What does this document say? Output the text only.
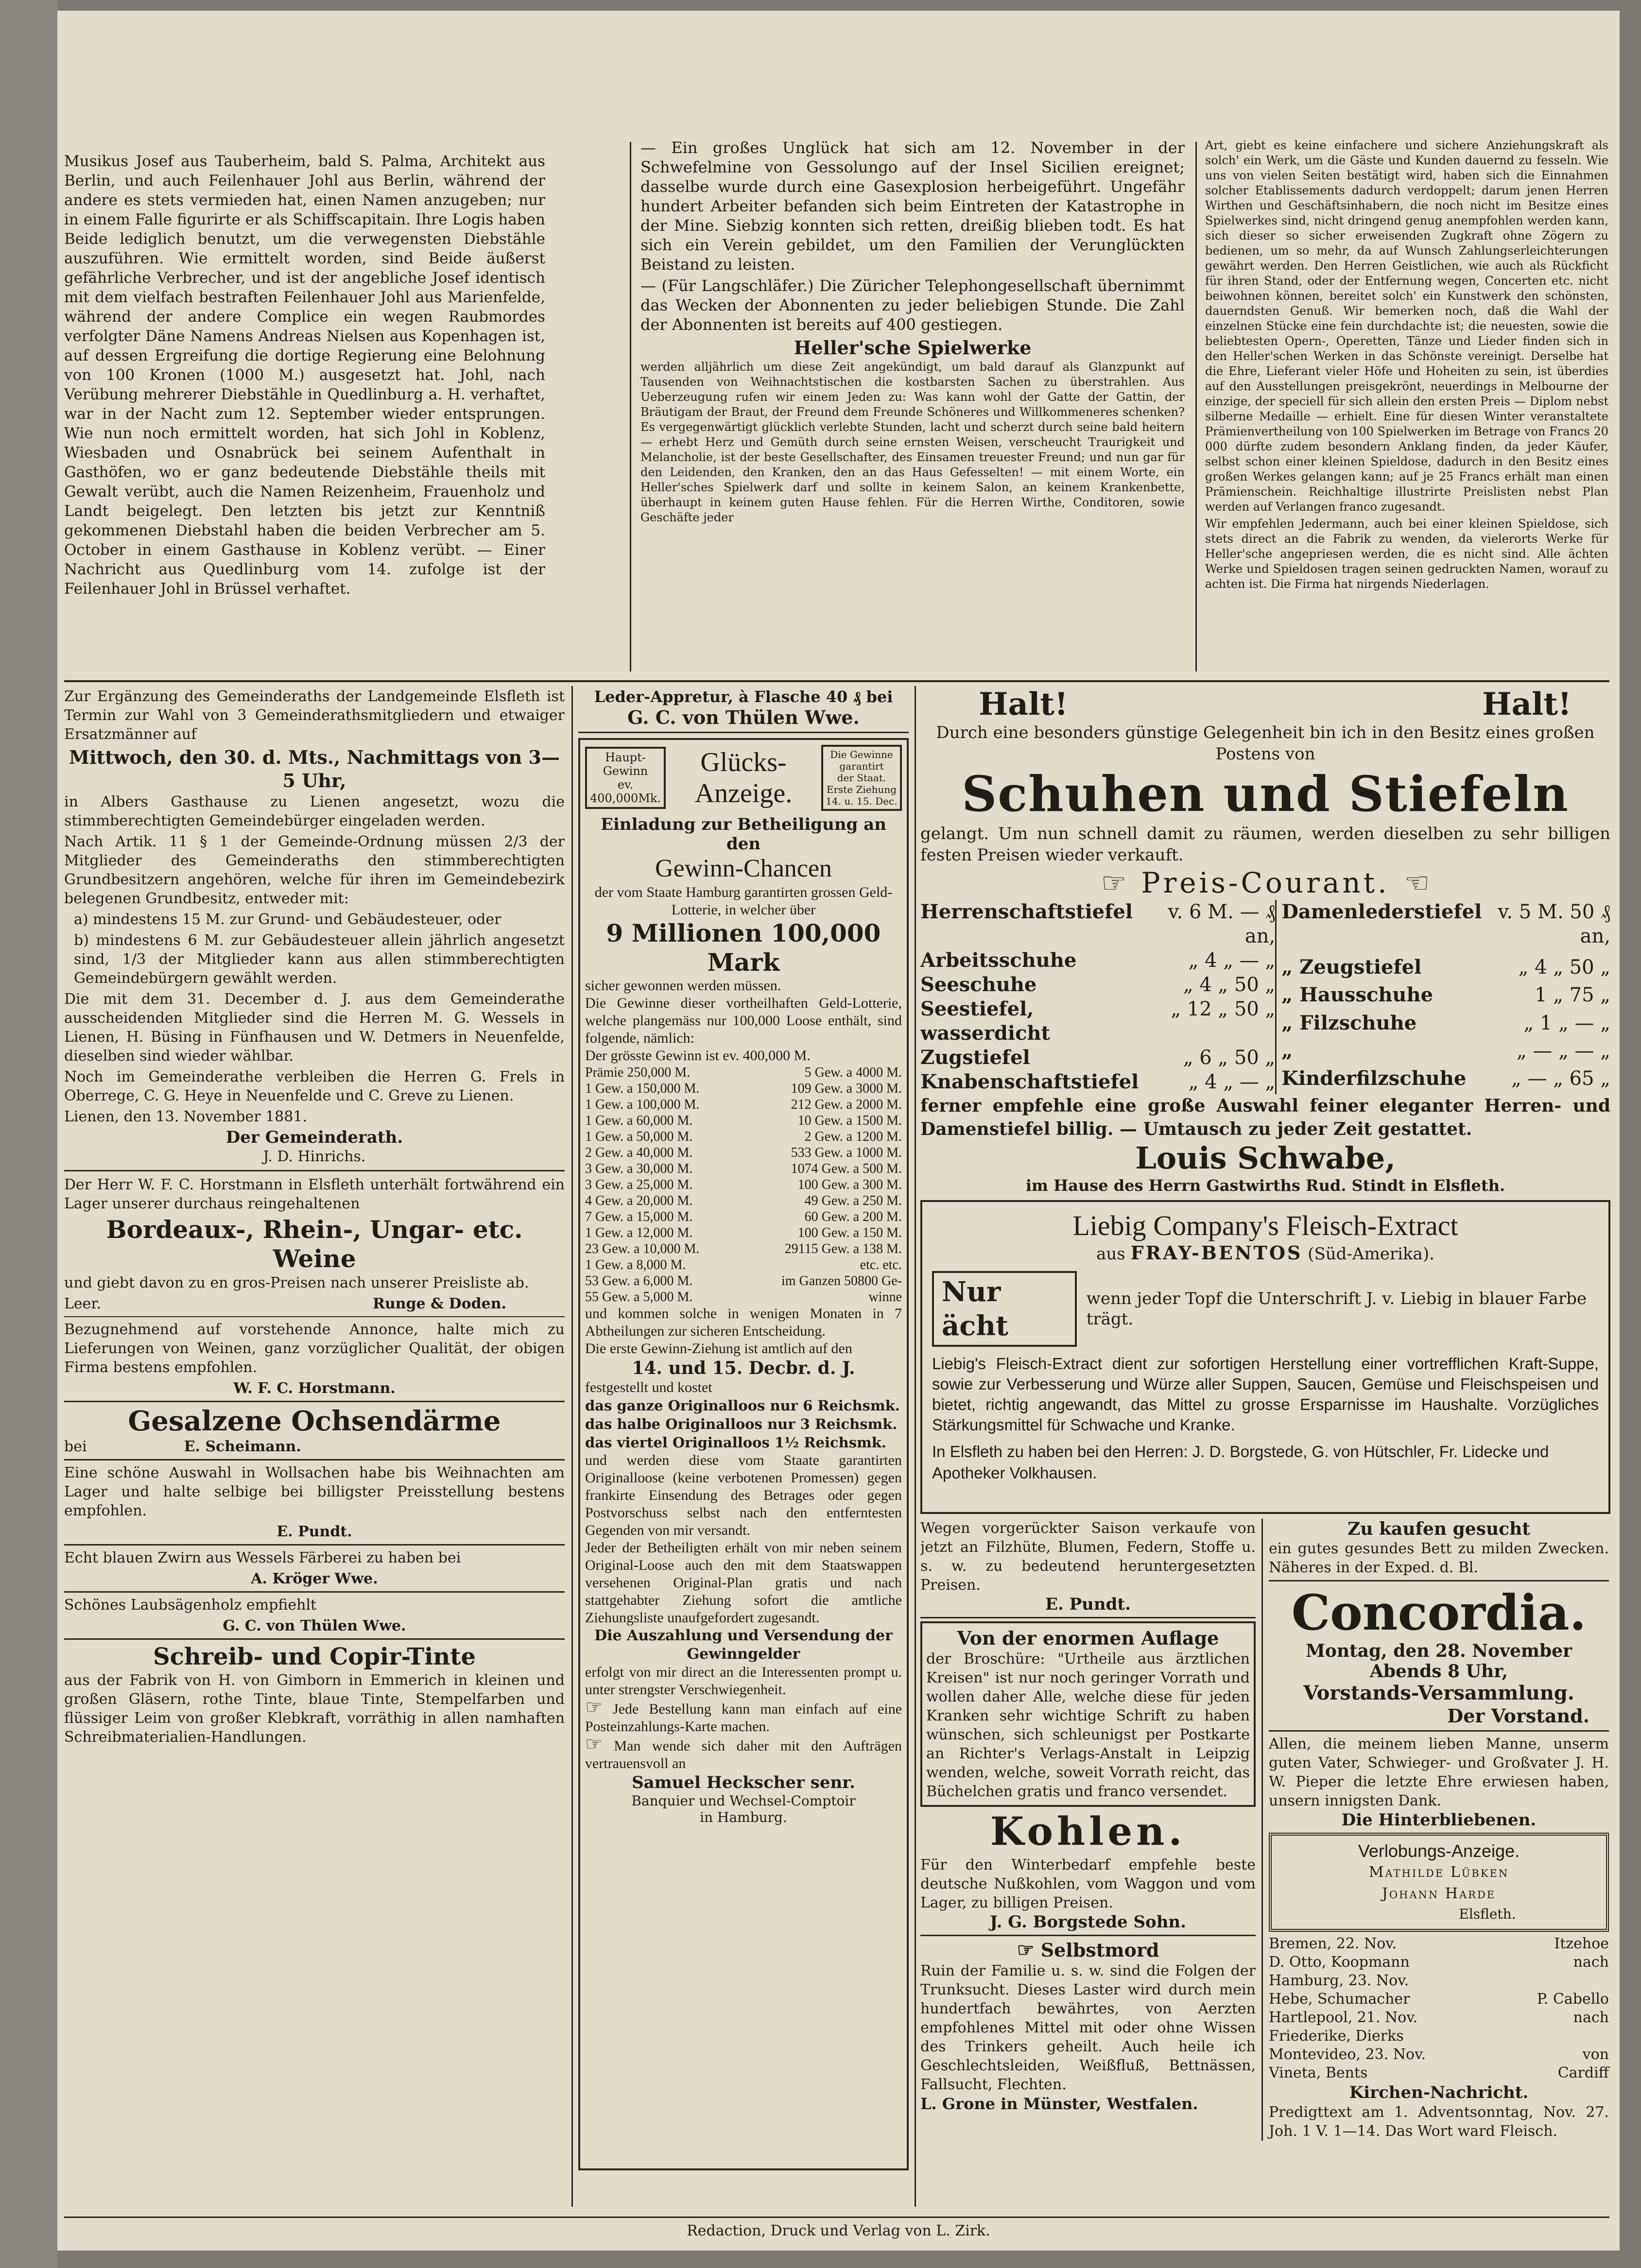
Musikus Josef aus Tauberheim, bald S. Palma, Architekt aus Berlin, und auch Feilenhauer Johl aus Berlin, während der andere es stets vermieden hat, einen Namen anzugeben; nur in einem Falle figurirte er als Schiffscapitain. Ihre Logis haben Beide lediglich benutzt, um die verwegensten Diebstähle auszuführen. Wie ermittelt worden, sind Beide äußerst gefährliche Verbrecher, und ist der angebliche Josef identisch mit dem vielfach bestraften Feilenhauer Johl aus Marienfelde, während der andere Complice ein wegen Raubmordes verfolgter Däne Namens Andreas Nielsen aus Kopenhagen ist, auf dessen Ergreifung die dortige Regierung eine Belohnung von 100 Kronen (1000 M.) ausgesetzt hat. Johl, nach Verübung mehrerer Diebstähle in Quedlinburg a. H. verhaftet, war in der Nacht zum 12. September wieder entsprungen. Wie nun noch ermittelt worden, hat sich Johl in Koblenz, Wiesbaden und Osnabrück bei seinem Aufenthalt in Gasthöfen, wo er ganz bedeutende Diebstähle theils mit Gewalt verübt, auch die Namen Reizenheim, Frauenholz und Landt beigelegt. Den letzten bis jetzt zur Kenntniß gekommenen Diebstahl haben die beiden Verbrecher am 5. October in einem Gasthause in Koblenz verübt. — Einer Nachricht aus Quedlinburg vom 14. zufolge ist der Feilenhauer Johl in Brüssel verhaftet.

— Ein großes Unglück hat sich am 12. November in der Schwefelmine von Gessolungo auf der Insel Sicilien ereignet; dasselbe wurde durch eine Gasexplosion herbeigeführt. Ungefähr hundert Arbeiter befanden sich beim Eintreten der Katastrophe in der Mine. Siebzig konnten sich retten, dreißig blieben todt. Es hat sich ein Verein gebildet, um den Familien der Verunglückten Beistand zu leisten.

— (Für Langschläfer.) Die Züricher Telephongesellschaft übernimmt das Wecken der Abonnenten zu jeder beliebigen Stunde. Die Zahl der Abonnenten ist bereits auf 400 gestiegen.

Heller'sche Spielwerke

werden alljährlich um diese Zeit angekündigt, um bald darauf als Glanzpunkt auf Tausenden von Weihnachtstischen die kostbarsten Sachen zu überstrahlen. Aus Ueberzeugung rufen wir einem Jeden zu: Was kann wohl der Gatte der Gattin, der Bräutigam der Braut, der Freund dem Freunde Schöneres und Willkommeneres schenken? Es vergegenwärtigt glücklich verlebte Stunden, lacht und scherzt durch seine bald heitern — erhebt Herz und Gemüth durch seine ernsten Weisen, verscheucht Traurigkeit und Melancholie, ist der beste Gesellschafter, des Einsamen treuester Freund; und nun gar für den Leidenden, den Kranken, den an das Haus Gefesselten! — mit einem Worte, ein Heller'sches Spielwerk darf und sollte in keinem Salon, an keinem Krankenbette, überhaupt in keinem guten Hause fehlen. Für die Herren Wirthe, Conditoren, sowie Geschäfte jeder

Art, giebt es keine einfachere und sichere Anziehungskraft als solch' ein Werk, um die Gäste und Kunden dauernd zu fesseln. Wie uns von vielen Seiten bestätigt wird, haben sich die Einnahmen solcher Etablissements dadurch verdoppelt; darum jenen Herren Wirthen und Geschäftsinhabern, die noch nicht im Besitze eines Spielwerkes sind, nicht dringend genug anempfohlen werden kann, sich dieser so sicher erweisenden Zugkraft ohne Zögern zu bedienen, um so mehr, da auf Wunsch Zahlungserleichterungen gewährt werden. Den Herren Geistlichen, wie auch als Rückficht für ihren Stand, oder der Entfernung wegen, Concerten etc. nicht beiwohnen können, bereitet solch' ein Kunstwerk den schönsten, dauerndsten Genuß. Wir bemerken noch, daß die Wahl der einzelnen Stücke eine fein durchdachte ist; die neuesten, sowie die beliebtesten Opern-, Operetten, Tänze und Lieder finden sich in den Heller'schen Werken in das Schönste vereinigt. Derselbe hat die Ehre, Lieferant vieler Höfe und Hoheiten zu sein, ist überdies auf den Ausstellungen preisgekrönt, neuerdings in Melbourne der einzige, der speciell für sich allein den ersten Preis — Diplom nebst silberne Medaille — erhielt. Eine für diesen Winter veranstaltete Prämienvertheilung von 100 Spielwerken im Betrage von Francs 20 000 dürfte zudem besondern Anklang finden, da jeder Käufer, selbst schon einer kleinen Spieldose, dadurch in den Besitz eines großen Werkes gelangen kann; auf je 25 Francs erhält man einen Prämienschein. Reichhaltige illustrirte Preislisten nebst Plan werden auf Verlangen franco zugesandt.

Wir empfehlen Jedermann, auch bei einer kleinen Spieldose, sich stets direct an die Fabrik zu wenden, da vielerorts Werke für Heller'sche angepriesen werden, die es nicht sind. Alle ächten Werke und Spieldosen tragen seinen gedruckten Namen, worauf zu achten ist. Die Firma hat nirgends Niederlagen.

Zur Ergänzung des Gemeinderaths der Landgemeinde Elsfleth ist Termin zur Wahl von 3 Gemeinderathsmitgliedern und etwaiger Ersatzmänner auf

Mittwoch, den 30. d. Mts., Nachmittags von 3—5 Uhr,

in Albers Gasthause zu Lienen angesetzt, wozu die stimmberechtigten Gemeindebürger eingeladen werden.

Nach Artik. 11 § 1 der Gemeinde-Ordnung müssen 2/3 der Mitglieder des Gemeinderaths den stimmberechtigten Grundbesitzern angehören, welche für ihren im Gemeindebezirk belegenen Grundbesitz, entweder mit:

a) mindestens 15 M. zur Grund- und Gebäudesteuer, oder

b) mindestens 6 M. zur Gebäudesteuer allein jährlich angesetzt sind, 1/3 der Mitglieder kann aus allen stimmberechtigten Gemeindebürgern gewählt werden.

Die mit dem 31. December d. J. aus dem Gemeinderathe ausscheidenden Mitglieder sind die Herren M. G. Wessels in Lienen, H. Büsing in Fünfhausen und W. Detmers in Neuenfelde, dieselben sind wieder wählbar.

Noch im Gemeinderathe verbleiben die Herren G. Frels in Oberrege, C. G. Heye in Neuenfelde und C. Greve zu Lienen.

Lienen, den 13. November 1881.

Der Gemeinderath.
J. D. Hinrichs.

Der Herr W. F. C. Horstmann in Elsfleth unterhält fortwährend ein Lager unserer durchaus reingehaltenen

Bordeaux-, Rhein-, Ungar- etc.
Weine

und giebt davon zu en gros-Preisen nach unserer Preisliste ab.

Leer.	Runge & Doden.

Bezugnehmend auf vorstehende Annonce, halte mich zu Lieferungen von Weinen, ganz vorzüglicher Qualität, der obigen Firma bestens empfohlen.

W. F. C. Horstmann.
Gesalzene Ochsendärme
bei	E. Scheimann.

Eine schöne Auswahl in Wollsachen habe bis Weihnachten am Lager und halte selbige bei billigster Preisstellung bestens empfohlen.

E. Pundt.

Echt blauen Zwirn aus Wessels Färberei zu haben bei

A. Kröger Wwe.

Schönes Laubsägenholz empfiehlt

G. C. von Thülen Wwe.
Schreib- und Copir-Tinte

aus der Fabrik von H. von Gimborn in Emmerich in kleinen und großen Gläsern, rothe Tinte, blaue Tinte, Stempelfarben und flüssiger Leim von großer Klebkraft, vorräthig in allen namhaften Schreibmaterialien-Handlungen.

Leder-Appretur, à Flasche 40 ₰ bei
G. C. von Thülen Wwe.
Haupt-
Gewinn
ev.
400,000Mk.
Glücks-
Anzeige.
Die Gewinne
garantirt
der Staat.
Erste Ziehung
14. u. 15. Dec.
Einladung zur Betheiligung an den
Gewinn-Chancen
der vom Staate Hamburg garantirten grossen Geld-Lotterie, in welcher über
9 Millionen 100,000 Mark
sicher gewonnen werden müssen.
Die Gewinne dieser vortheilhaften Geld-Lotterie, welche plangemäss nur 100,000 Loose enthält, sind folgende, nämlich:
Der grösste Gewinn ist ev. 400,000 M.
Prämie 250,000 M.	5 Gew. a 4000 M.
1 Gew. a 150,000 M.	109 Gew. a 3000 M.
1 Gew. a 100,000 M.	212 Gew. a 2000 M.
1 Gew. a 60,000 M.	10 Gew. a 1500 M.
1 Gew. a 50,000 M.	2 Gew. a 1200 M.
2 Gew. a 40,000 M.	533 Gew. a 1000 M.
3 Gew. a 30,000 M.	1074 Gew. a 500 M.
3 Gew. a 25,000 M.	100 Gew. a 300 M.
4 Gew. a 20,000 M.	49 Gew. a 250 M.
7 Gew. a 15,000 M.	60 Gew. a 200 M.
1 Gew. a 12,000 M.	100 Gew. a 150 M.
23 Gew. a 10,000 M.	29115 Gew. a 138 M.
1 Gew. a 8,000 M.	etc. etc.
53 Gew. a 6,000 M.	im Ganzen 50800 Ge-
55 Gew. a 5,000 M.	winne
und kommen solche in wenigen Monaten in 7 Abtheilungen zur sicheren Entscheidung.
Die erste Gewinn-Ziehung ist amtlich auf den
14. und 15. Decbr. d. J.
festgestellt und kostet
das ganze Originalloos nur 6 Reichsmk.
das halbe Originalloos nur 3 Reichsmk.
das viertel Originalloos 1½ Reichsmk.
und werden diese vom Staate garantirten Originalloose (keine verbotenen Promessen) gegen frankirte Einsendung des Betrages oder gegen Postvorschuss selbst nach den entferntesten Gegenden von mir versandt.
Jeder der Betheiligten erhält von mir neben seinem Original-Loose auch den mit dem Staatswappen versehenen Original-Plan gratis und nach stattgehabter Ziehung sofort die amtliche Ziehungsliste unaufgefordert zugesandt.
Die Auszahlung und Versendung der Gewinngelder
erfolgt von mir direct an die Interessenten prompt u. unter strengster Verschwiegenheit.
☞ Jede Bestellung kann man einfach auf eine Posteinzahlungs-Karte machen.
☞ Man wende sich daher mit den Aufträgen vertrauensvoll an
Samuel Heckscher senr.
Banquier und Wechsel-Comptoir
in Hamburg.
Halt!	Halt!
Durch eine besonders günstige Gelegenheit bin ich in den Besitz eines großen Postens von
Schuhen und Stiefeln
gelangt. Um nun schnell damit zu räumen, werden dieselben zu sehr billigen festen Preisen wieder verkauft.
☞ Preis-Courant. ☞
Herrenschaftstiefel	v. 6 M. — ₰ an,
Arbeitsschuhe	„ 4 „ — „
Seeschuhe	„ 4 „ 50 „
Seestiefel, wasserdicht	„ 12 „ 50 „
Zugstiefel	„ 6 „ 50 „
Knabenschaftstiefel	„ 4 „ — „
Damenlederstiefel	v. 5 M. 50 ₰ an,
„ Zeugstiefel	„ 4 „ 50 „
„ Hausschuhe	1 „ 75 „
„ Filzschuhe	„ 1 „ — „
„	„ — „ — „
Kinderfilzschuhe	„ — „ 65 „
ferner empfehle eine große Auswahl feiner eleganter Herren- und Damenstiefel billig. — Umtausch zu jeder Zeit gestattet.
Louis Schwabe,
im Hause des Herrn Gastwirths Rud. Stindt in Elsfleth.
Liebig Company's Fleisch-Extract
aus FRAY-BENTOS (Süd-Amerika).
Nur ächt
wenn jeder Topf die Unterschrift J. v. Liebig in blauer Farbe trägt.
Liebig's Fleisch-Extract dient zur sofortigen Herstellung einer vortrefflichen Kraft-Suppe, sowie zur Verbesserung und Würze aller Suppen, Saucen, Gemüse und Fleischspeisen und bietet, richtig angewandt, das Mittel zu grosse Ersparnisse im Haushalte. Vorzügliches Stärkungsmittel für Schwache und Kranke.
In Elsfleth zu haben bei den Herren: J. D. Borgstede, G. von Hütschler, Fr. Lidecke und Apotheker Volkhausen.
Wegen vorgerückter Saison verkaufe von jetzt an Filzhüte, Blumen, Federn, Stoffe u. s. w. zu bedeutend heruntergesetzten Preisen.
E. Pundt.
Von der enormen Auflage
der Broschüre: "Urtheile aus ärztlichen Kreisen" ist nur noch geringer Vorrath und wollen daher Alle, welche diese für jeden Kranken sehr wichtige Schrift zu haben wünschen, sich schleunigst per Postkarte an Richter's Verlags-Anstalt in Leipzig wenden, welche, soweit Vorrath reicht, das Büchelchen gratis und franco versendet.
Kohlen.
Für den Winterbedarf empfehle beste deutsche Nußkohlen, vom Waggon und vom Lager, zu billigen Preisen.
J. G. Borgstede Sohn.
☞ Selbstmord
Ruin der Familie u. s. w. sind die Folgen der Trunksucht. Dieses Laster wird durch mein hundertfach bewährtes, von Aerzten empfohlenes Mittel mit oder ohne Wissen des Trinkers geheilt. Auch heile ich Geschlechtsleiden, Weißfluß, Bettnässen, Fallsucht, Flechten.
L. Grone in Münster, Westfalen.
Zu kaufen gesucht
ein gutes gesundes Bett zu milden Zwecken. Näheres in der Exped. d. Bl.
Concordia.
Montag, den 28. November
Abends 8 Uhr,
Vorstands-Versammlung.
Der Vorstand.
Allen, die meinem lieben Manne, unserm guten Vater, Schwieger- und Großvater J. H. W. Pieper die letzte Ehre erwiesen haben, unsern innigsten Dank.
Die Hinterbliebenen.
Verlobungs-Anzeige.
Mathilde Lübken
Johann Harde
Elsfleth.
Bremen, 22. Nov.	Itzehoe
D. Otto, Koopmann	nach
Hamburg, 23. Nov.	
Hebe, Schumacher	P. Cabello
Hartlepool, 21. Nov.	nach
Friederike, Dierks	
Montevideo, 23. Nov.	von
Vineta, Bents	Cardiff
Kirchen-Nachricht.
Predigttext am 1. Adventsonntag, Nov. 27. Joh. 1 V. 1—14. Das Wort ward Fleisch.
Redaction, Druck und Verlag von L. Zirk.
